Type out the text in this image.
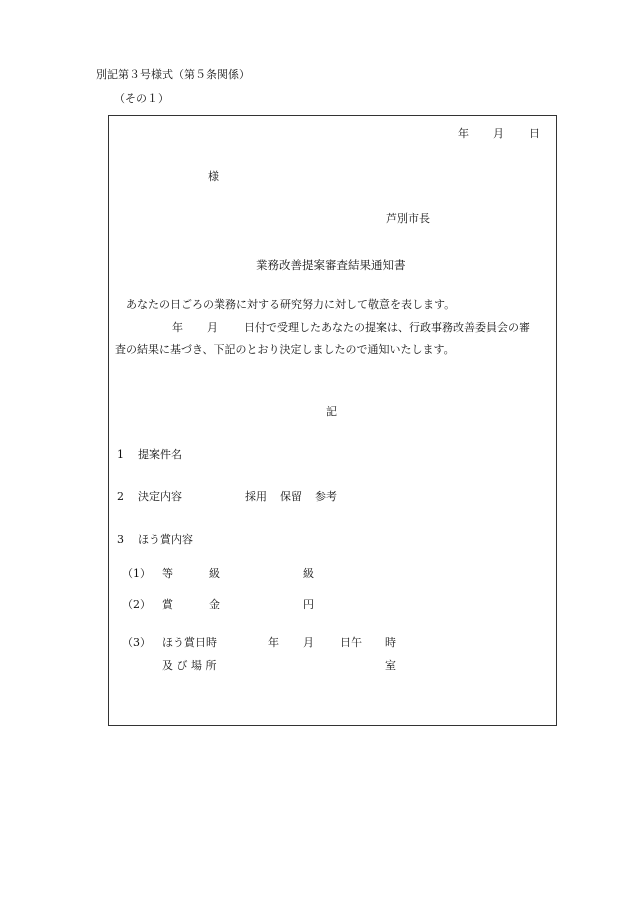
別記第３号様式（第５条関係）
（その１）
年 月 日
様
芦別市長
業務改善提案審査結果通知書
あなたの日ごろの業務に対する研究努力に対して敬意を表します。
年 月 日付で受理したあなたの提案は、行政事務改善委員会の審
査の結果に基づき、下記のとおり決定しましたので通知いたします。
記
1 提案件名
2 決定内容	採用 保留 参考
3 ほう賞内容
（1） 等	級	級
（2） 賞	金	円
（3） ほう賞日時	年 月 日午 時
及 び 場 所	室
